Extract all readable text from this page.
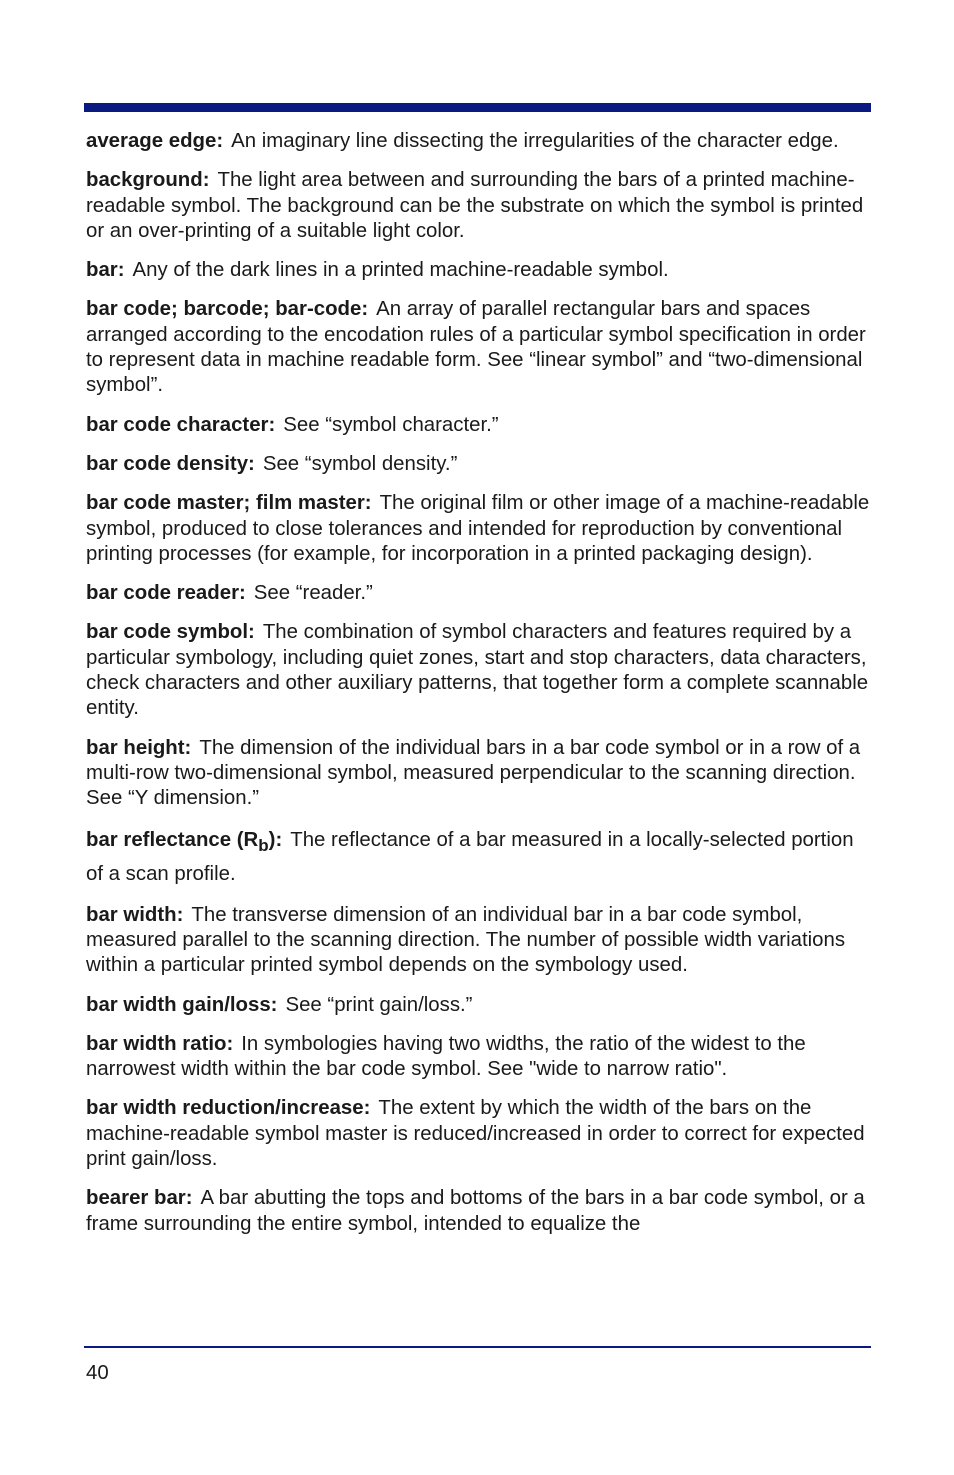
average edge: An imaginary line dissecting the irregularities of the character edge.

background: The light area between and surrounding the bars of a printed machine-readable symbol. The background can be the substrate on which the symbol is printed or an over-printing of a suitable light color.

bar: Any of the dark lines in a printed machine-readable symbol.

bar code; barcode; bar-code: An array of parallel rectangular bars and spaces arranged according to the encodation rules of a particular symbol specification in order to represent data in machine readable form. See “linear symbol” and “two-dimensional symbol”.

bar code character: See “symbol character.”

bar code density: See “symbol density.”

bar code master; film master: The original film or other image of a machine-readable symbol, produced to close tolerances and intended for reproduction by conventional printing processes (for example, for incorporation in a printed packaging design).

bar code reader: See “reader.”

bar code symbol: The combination of symbol characters and features required by a particular symbology, including quiet zones, start and stop characters, data characters, check characters and other auxiliary patterns, that together form a complete scannable entity.

bar height: The dimension of the individual bars in a bar code symbol or in a row of a multi-row two-dimensional symbol, measured perpendicular to the scanning direction. See “Y dimension.”

bar reflectance $(R_b)$: The reflectance of a bar measured in a locally-selected portion of a scan profile.

bar width: The transverse dimension of an individual bar in a bar code symbol, measured parallel to the scanning direction. The number of possible width variations within a particular printed symbol depends on the symbology used.

bar width gain/loss: See “print gain/loss.”

bar width ratio: In symbologies having two widths, the ratio of the widest to the narrowest width within the bar code symbol. See "wide to narrow ratio".

bar width reduction/increase: The extent by which the width of the bars on the machine-readable symbol master is reduced/increased in order to correct for expected print gain/loss.

bearer bar: A bar abutting the tops and bottoms of the bars in a bar code symbol, or a frame surrounding the entire symbol, intended to equalize the

40
